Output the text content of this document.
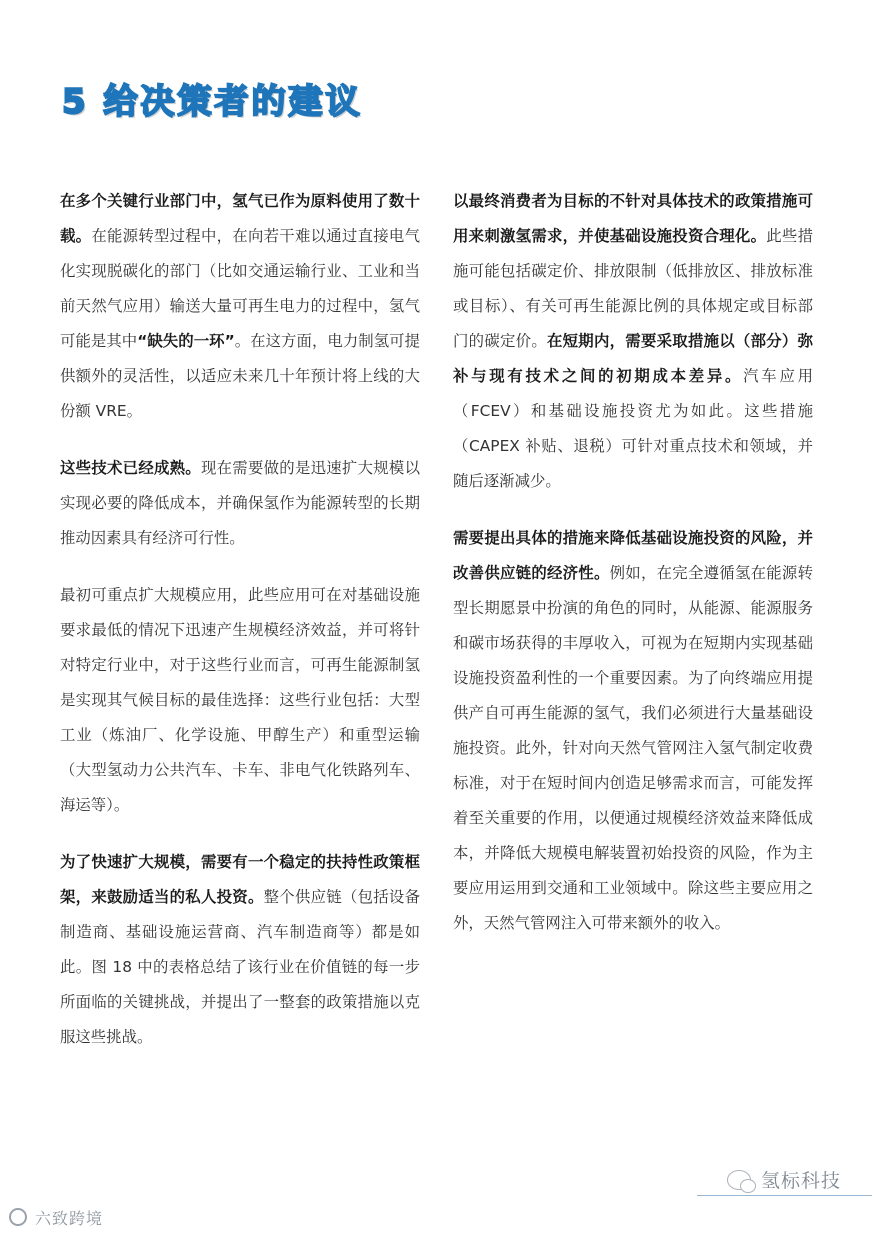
5 给决策者的建议

在多个关键行业部门中，氢气已作为原料使用了数十载。在能源转型过程中，在向若干难以通过直接电气化实现脱碳化的部门（比如交通运输行业、工业和当前天然气应用）输送大量可再生电力的过程中，氢气可能是其中“缺失的一环”。在这方面，电力制氢可提供额外的灵活性，以适应未来几十年预计将上线的大份额 VRE。

这些技术已经成熟。现在需要做的是迅速扩大规模以实现必要的降低成本，并确保氢作为能源转型的长期推动因素具有经济可行性。

最初可重点扩大规模应用，此些应用可在对基础设施要求最低的情况下迅速产生规模经济效益，并可将针对特定行业中，对于这些行业而言，可再生能源制氢是实现其气候目标的最佳选择：这些行业包括：大型工业（炼油厂、化学设施、甲醇生产）和重型运输（大型氢动力公共汽车、卡车、非电气化铁路列车、海运等）。

为了快速扩大规模，需要有一个稳定的扶持性政策框架，来鼓励适当的私人投资。整个供应链（包括设备制造商、基础设施运营商、汽车制造商等）都是如此。图 18 中的表格总结了该行业在价值链的每一步所面临的关键挑战，并提出了一整套的政策措施以克服这些挑战。

以最终消费者为目标的不针对具体技术的政策措施可用来刺激氢需求，并使基础设施投资合理化。此些措施可能包括碳定价、排放限制（低排放区、排放标准或目标）、有关可再生能源比例的具体规定或目标部门的碳定价。在短期内，需要采取措施以（部分）弥补与现有技术之间的初期成本差异。汽车应用（FCEV）和基础设施投资尤为如此。这些措施（CAPEX 补贴、退税）可针对重点技术和领域，并随后逐渐减少。

需要提出具体的措施来降低基础设施投资的风险，并改善供应链的经济性。例如，在完全遵循氢在能源转型长期愿景中扮演的角色的同时，从能源、能源服务和碳市场获得的丰厚收入，可视为在短期内实现基础设施投资盈利性的一个重要因素。为了向终端应用提供产自可再生能源的氢气，我们必须进行大量基础设施投资。此外，针对向天然气管网注入氢气制定收费标准，对于在短时间内创造足够需求而言，可能发挥着至关重要的作用，以便通过规模经济效益来降低成本，并降低大规模电解装置初始投资的风险，作为主要应用运用到交通和工业领域中。除这些主要应用之外，天然气管网注入可带来额外的收入。

氢标科技
六致跨境
